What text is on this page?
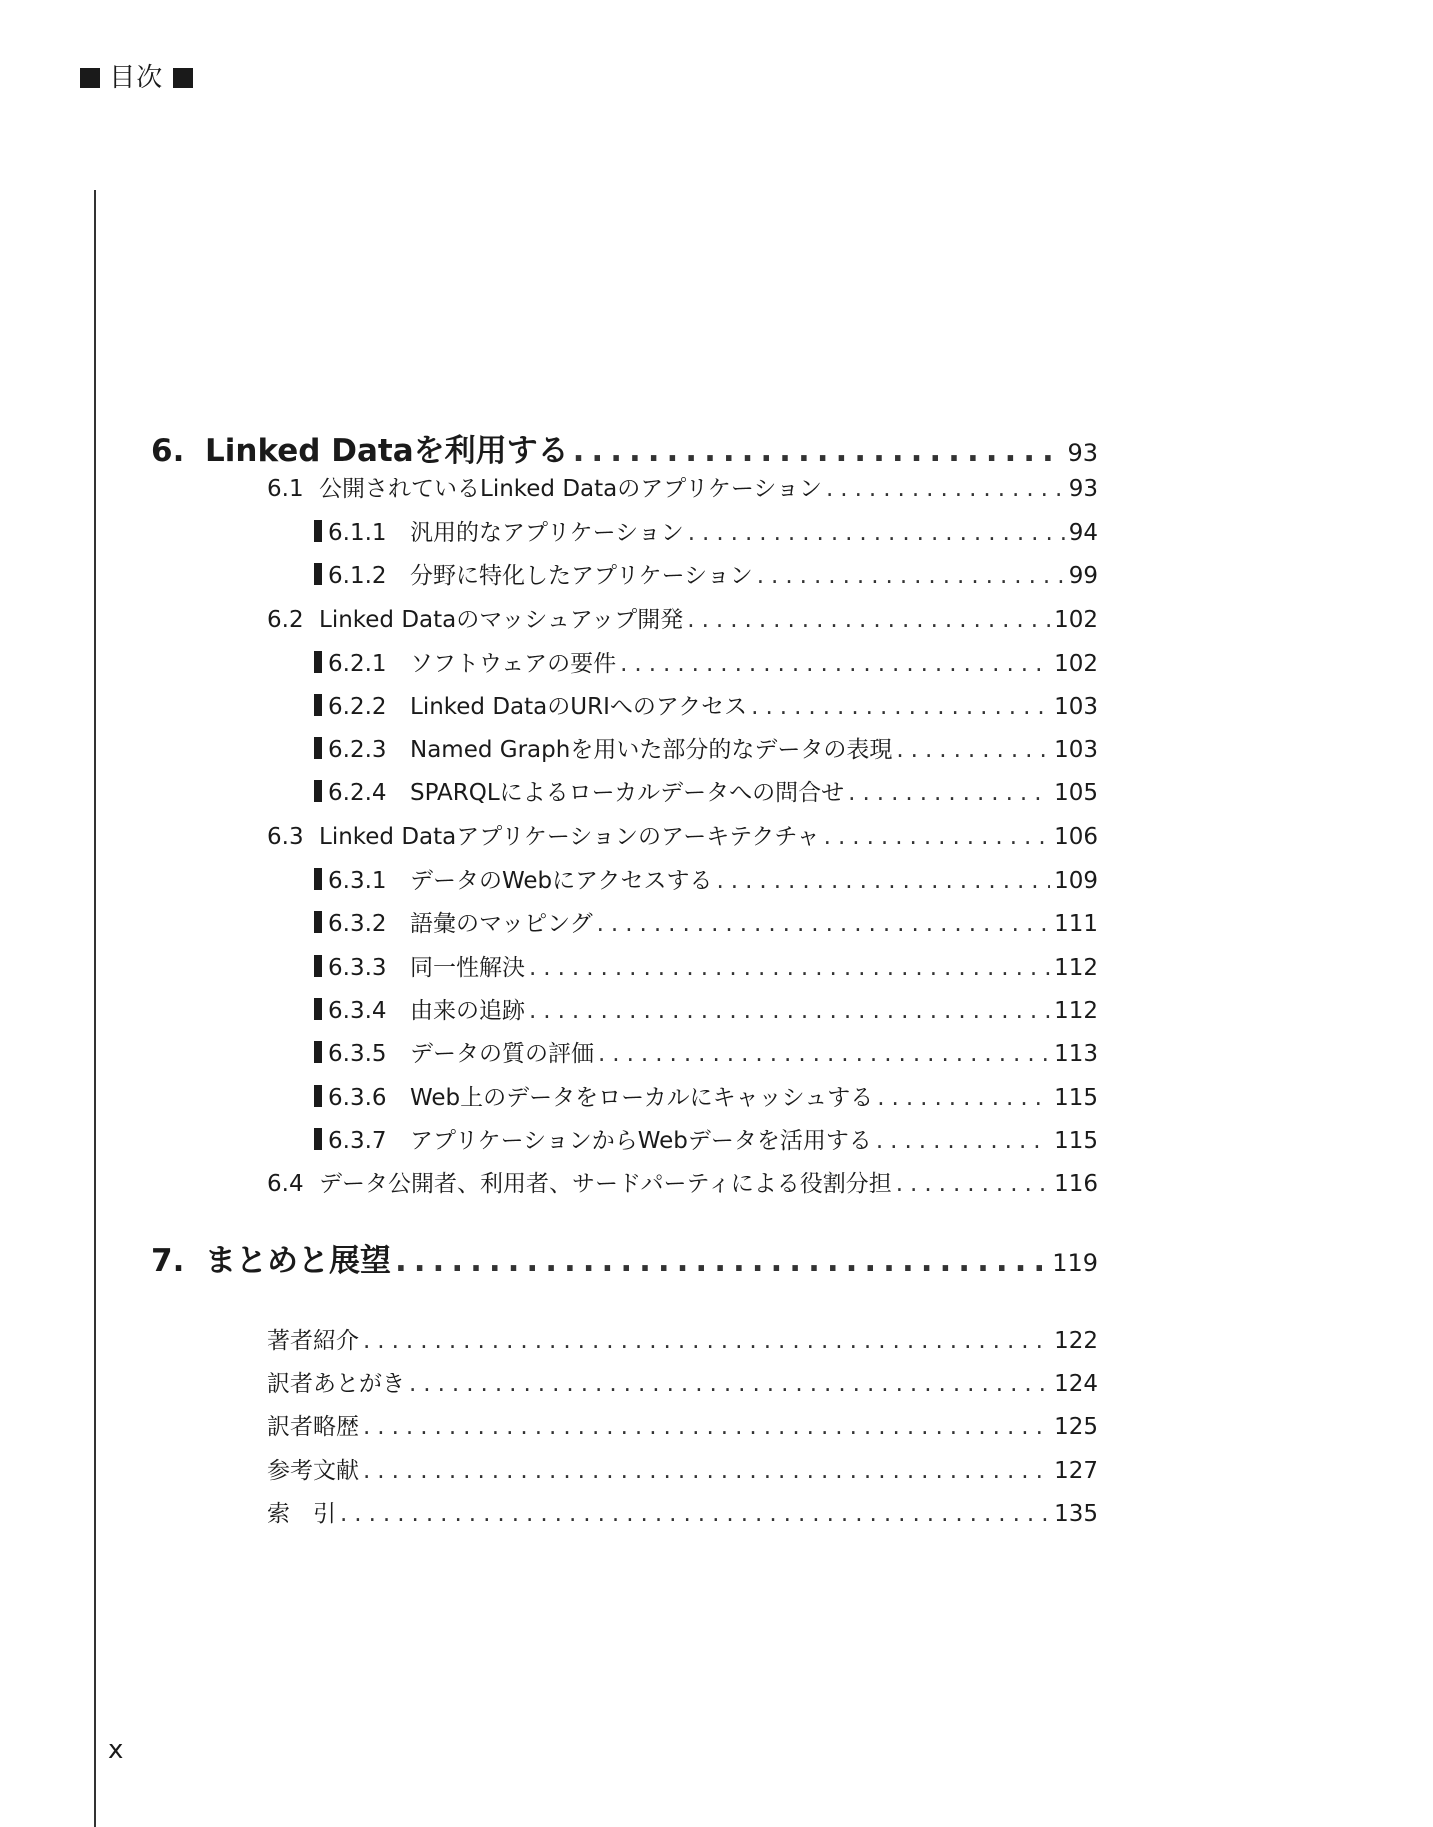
目次
6. Linked Dataを利用する .....	93
6.1 公開されているLinked Dataのアプリケーション .....	93
6.1.1	汎用的なアプリケーション .....	94
6.1.2	分野に特化したアプリケーション .....	99
6.2 Linked Dataのマッシュアップ開発 .....	102
6.2.1	ソフトウェアの要件 .....	102
6.2.2	Linked DataのURIへのアクセス .....	103
6.2.3	Named Graphを用いた部分的なデータの表現 .....	103
6.2.4	SPARQLによるローカルデータへの問合せ .....	105
6.3 Linked Dataアプリケーションのアーキテクチャ .....	106
6.3.1	データのWebにアクセスする .....	109
6.3.2	語彙のマッピング .....	111
6.3.3	同一性解決 .....	112
6.3.4	由来の追跡 .....	112
6.3.5	データの質の評価 .....	113
6.3.6	Web上のデータをローカルにキャッシュする .....	115
6.3.7	アプリケーションからWebデータを活用する .....	115
6.4 データ公開者、利用者、サードパーティによる役割分担 .....	116
7. まとめと展望 .....	119
著者紹介 .....	122
訳者あとがき .....	124
訳者略歴 .....	125
参考文献 .....	127
索　引 .....	135
x
